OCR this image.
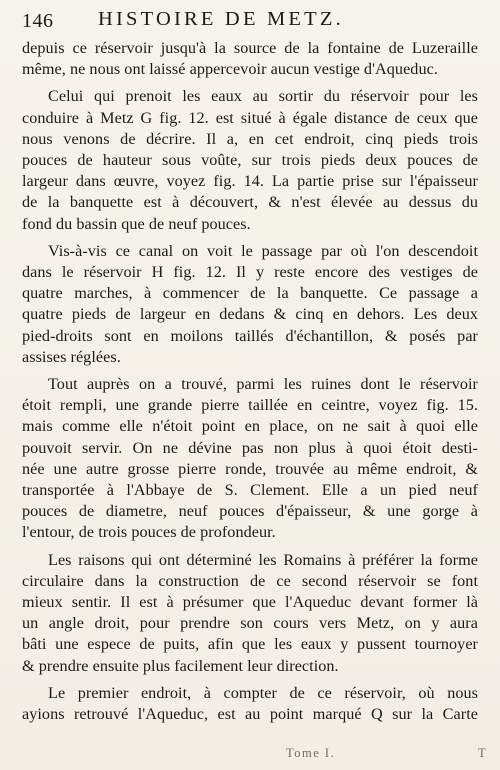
146 HISTOIRE DE METZ.
depuis ce réservoir jusqu'à la source de la fontaine de Luzeraille
même, ne nous ont laissé appercevoir aucun vestige d'Aqueduc.
Celui qui prenoit les eaux au sortir du réservoir pour les
conduire à Metz G fig. 12. est situé à égale distance de ceux que
nous venons de décrire. Il a, en cet endroit, cinq pieds trois
pouces de hauteur sous voûte, sur trois pieds deux pouces de
largeur dans œuvre, voyez fig. 14. La partie prise sur l'épaisseur
de la banquette est à découvert, & n'est élevée au dessus du
fond du bassin que de neuf pouces.
Vis-à-vis ce canal on voit le passage par où l'on descendoit
dans le réservoir H fig. 12. Il y reste encore des vestiges de
quatre marches, à commencer de la banquette. Ce passage a
quatre pieds de largeur en dedans & cinq en dehors. Les deux
pied-droits sont en moilons taillés d'échantillon, & posés par
assises réglées.
Tout auprès on a trouvé, parmi les ruines dont le réservoir
étoit rempli, une grande pierre taillée en ceintre, voyez fig. 15.
mais comme elle n'étoit point en place, on ne sait à quoi elle
pouvoit servir. On ne dévine pas non plus à quoi étoit desti-
née une autre grosse pierre ronde, trouvée au même endroit, &
transportée à l'Abbaye de S. Clement. Elle a un pied neuf
pouces de diametre, neuf pouces d'épaisseur, & une gorge à
l'entour, de trois pouces de profondeur.
Les raisons qui ont déterminé les Romains à préférer la forme
circulaire dans la construction de ce second réservoir se font
mieux sentir. Il est à présumer que l'Aqueduc devant former là
un angle droit, pour prendre son cours vers Metz, on y aura
bâti une espece de puits, afin que les eaux y pussent tournoyer
& prendre ensuite plus facilement leur direction.
Le premier endroit, à compter de ce réservoir, où nous
ayions retrouvé l'Aqueduc, est au point marqué Q sur la Carte
Tome I.	T
